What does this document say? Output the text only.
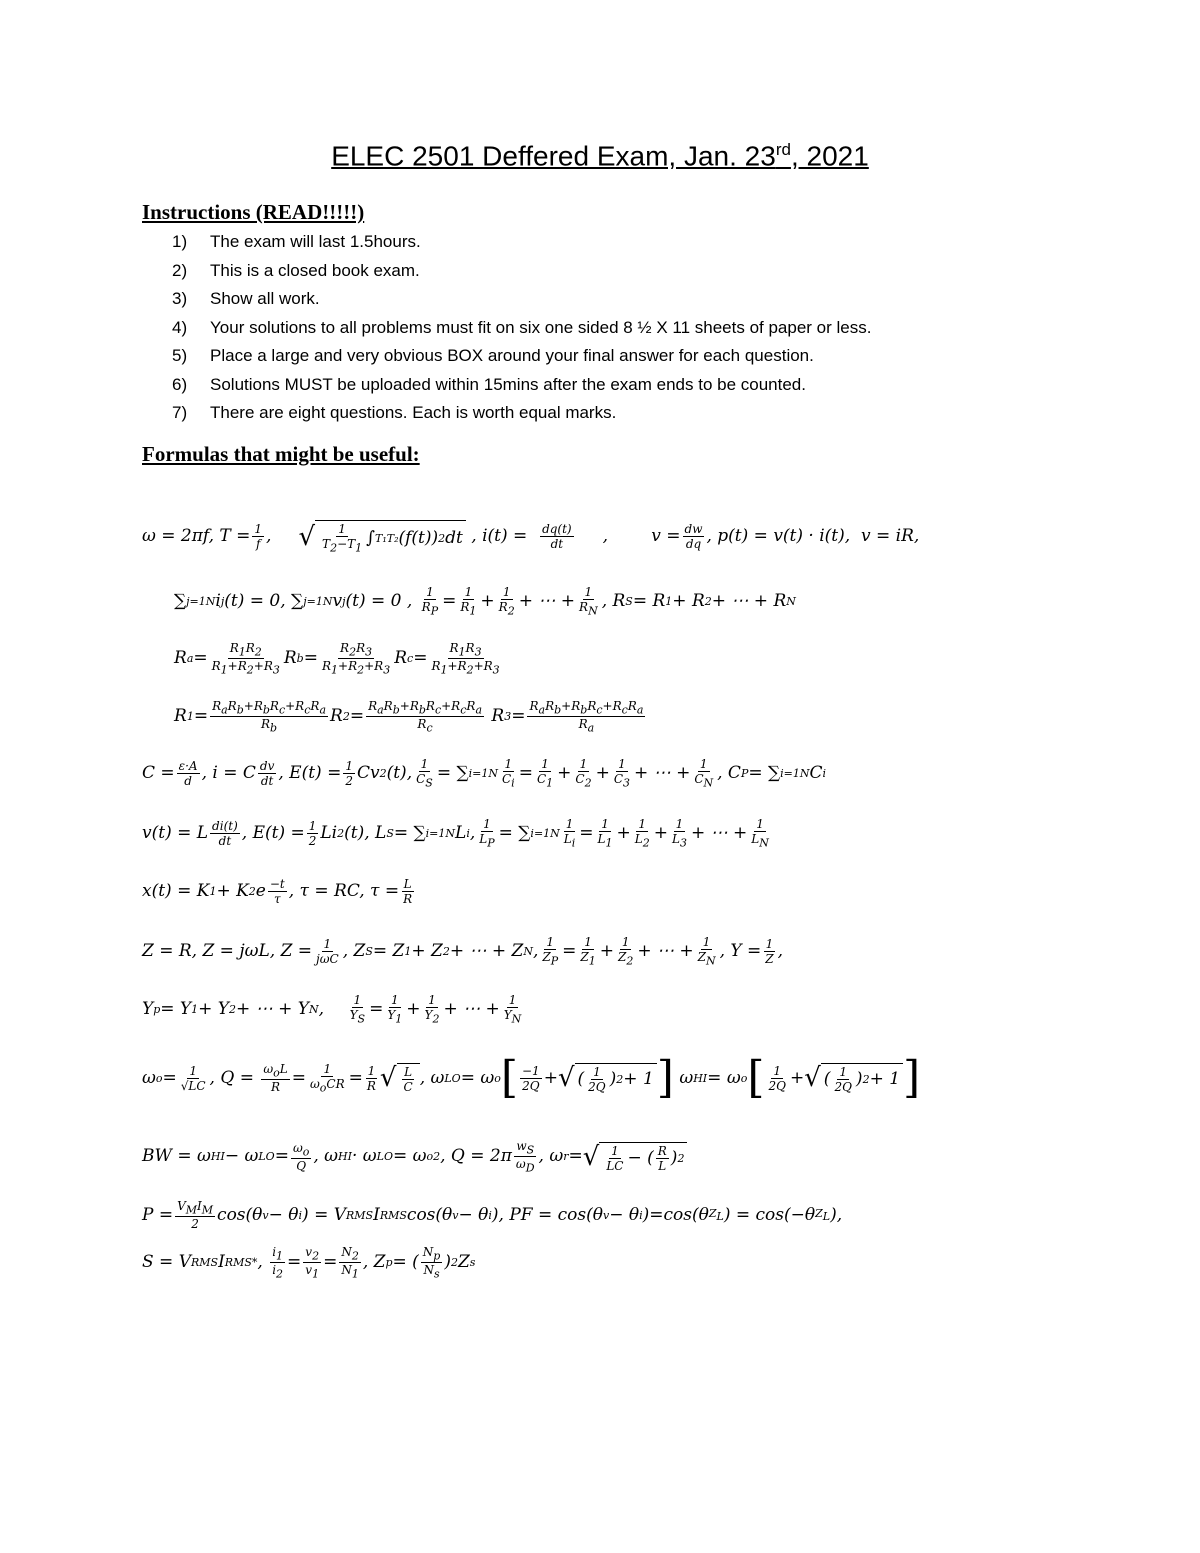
ELEC 2501 Deffered Exam, Jan. 23rd, 2021
Instructions (READ!!!!!)
1) The exam will last 1.5hours.
2) This is a closed book exam.
3) Show all work.
4) Your solutions to all problems must fit on six one sided 8 ½ X 11 sheets of paper or less.
5) Place a large and very obvious BOX around your final answer for each question.
6) Solutions MUST be uploaded within 15mins after the exam ends to be counted.
7) There are eight questions. Each is worth equal marks.
Formulas that might be useful:
ω = 2πf, T = 1
f , √ 1
$T_2-T_1$
∫ T₁ T₂ (f(t)) 2 dt , i(t) = dq(t)
dt ,        v = dw
dq , p(t) = v(t) · i(t),  v = iR,
∑ j=1 N i j (t) = 0, ∑ j=1 N v j (t) = 0 , 1
$R_P$
= 1
$R_1$
+ 1
$R_2$
+ ⋯ + 1
$R_N$
, R S = R 1 + R 2 + ⋯ + R N
R a =
$R_1R_2$
$R_1+R_2+R_3$
R b =
$R_2R_3$
$R_1+R_2+R_3$
R c =
$R_1R_3$
$R_1+R_2+R_3$
R 1 =
$R_aR_b+R_bR_c+R_cR_a$
$R_b$
R 2 =
$R_aR_b+R_bR_c+R_cR_a$
$R_c$
R 3 =
$R_aR_b+R_bR_c+R_cR_a$
$R_a$
C = ε·A
d , i = C dv
dt , E(t) = 1
2 Cv 2 (t), 1
$C_S$
= ∑ i=1 N
1
$C_i$
= 1
$C_1$
+ 1
$C_2$
+ 1
$C_3$
+ ⋯ + 1
$C_N$
, C P = ∑ i=1 N C i
v(t) = L di(t)
dt , E(t) = 1
2 Li 2 (t), L S = ∑ i=1 N L i , 1
$L_P$
= ∑ i=1 N
1
$L_i$
= 1
$L_1$
+ 1
$L_2$
+ 1
$L_3$
+ ⋯ + 1
$L_N$
x(t) = K 1 + K 2 e $\frac{-t}{\tau}$ , τ = RC, τ = L
R
Z = R, Z = jωL, Z = 1
jωC , Z S = Z 1 + Z 2 + ⋯ + Z N , 1
$Z_P$
= 1
$Z_1$
+ 1
$Z_2$
+ ⋯ + 1
$Z_N$
, Y = 1
Z ,
Y p = Y 1 + Y 2 + ⋯ + Y N , 1
$Y_S$
= 1
$Y_1$
+ 1
$Y_2$
+ ⋯ + 1
$Y_N$
ω o = 1
√LC , $Q = \omega_oL$
R = 1
$\omega_oCR = 1$
R √ L
C , ω LO = ω o [ −1
2Q + √ ( 1
2Q ) 2 + 1 ] ω HI = ω o [ 1
2Q + √ ( 1
2Q ) 2 + 1 ]
BW = ω HI − ω LO = $\omega_o$
Q , ω HI · ω LO = ω o 2 , Q = 2π
$w_S$
$\omega_D$
, ω r = √ 1
LC − ( R
L ) 2
$P = V_MI_M$
2 cos(θ v − θ i ) = V RMS I RMS cos(θ v − θ i ), PF = cos(θ v − θ i )=cos(θ $Z_L$ ) = cos(−θ $Z_L$ ),
S = V RMS I RMS * ,
$i_1$
$i_2$
=
$v_2$
$v_1$
=
$N_2$
$N_1$
, Z p = (
$N_p$
$N_s$
) 2 Z s
